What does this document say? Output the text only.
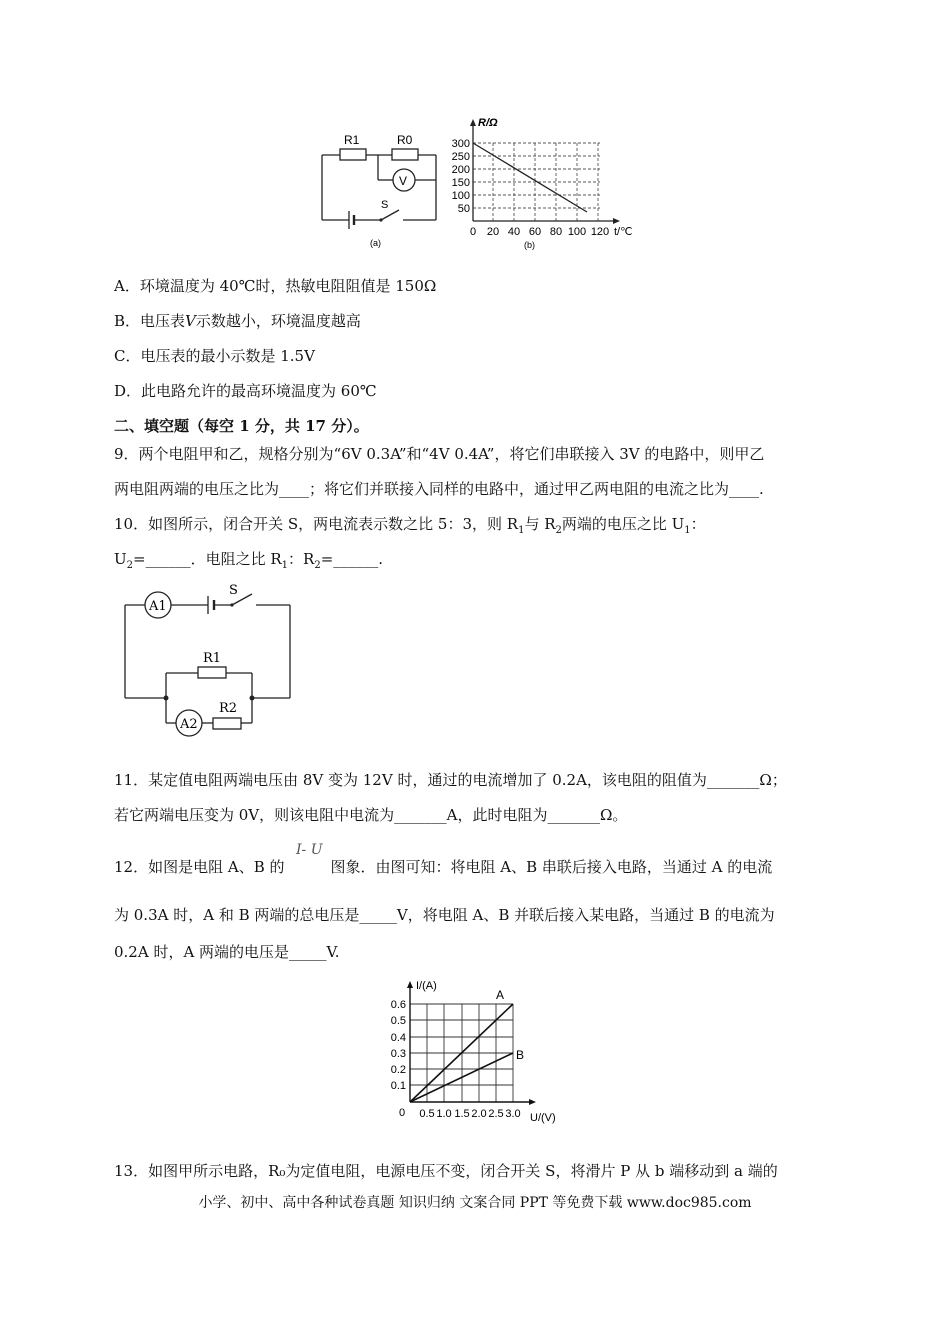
R1	R0
V
S
(a)
R/Ω
300
250
200
150
100
50
0 20 40 60 80 100 120 t/℃
(b)
A．环境温度为 40℃时，热敏电阻阻值是 150Ω
B．电压表V示数越小，环境温度越高
C．电压表的最小示数是 1.5V
D．此电路允许的最高环境温度为 60℃
二、填空题（每空 1 分，共 17 分）。
9．两个电阻甲和乙，规格分别为“6V 0.3A”和“4V 0.4A”，将它们串联接入 3V 的电路中，则甲乙
两电阻两端的电压之比为____；将它们并联接入同样的电路中，通过甲乙两电阻的电流之比为____.
10．如图所示，闭合开关 S，两电流表示数之比 5：3，则 $R_1$与 $R_2$两端的电压之比 $U_1$：
$U_2=\_\_\_\_\_\_$．电阻之比 $R_1$：$R_2=\_\_\_\_\_\_$.
A1
S
R1
A2
R2
11．某定值电阻两端电压由 8V 变为 12V 时，通过的电流增加了 0.2A，该电阻的阻值为_______Ω；
若它两端电压变为 0V，则该电阻中电流为_______A，此时电阻为_______Ω。
12．如图是电阻 A、B 的	图象．由图可知：将电阻 A、B 串联后接入电路，当通过 A 的电流
I- U
为 0.3A 时，A 和 B 两端的总电压是_____V，将电阻 A、B 并联后接入某电路，当通过 B 的电流为
0.2A 时，A 两端的电压是_____V.
I/(A)
0.6
0.5
0.4
0.3
0.2
0.1
0 0.5 1.0 1.5 2.0 2.5 3.0 U/(V)
A
B
13．如图甲所示电路，R₀为定值电阻，电源电压不变，闭合开关 S，将滑片 P 从 b 端移动到 a 端的
小学、初中、高中各种试卷真题 知识归纳 文案合同 PPT 等免费下载 www.doc985.com
